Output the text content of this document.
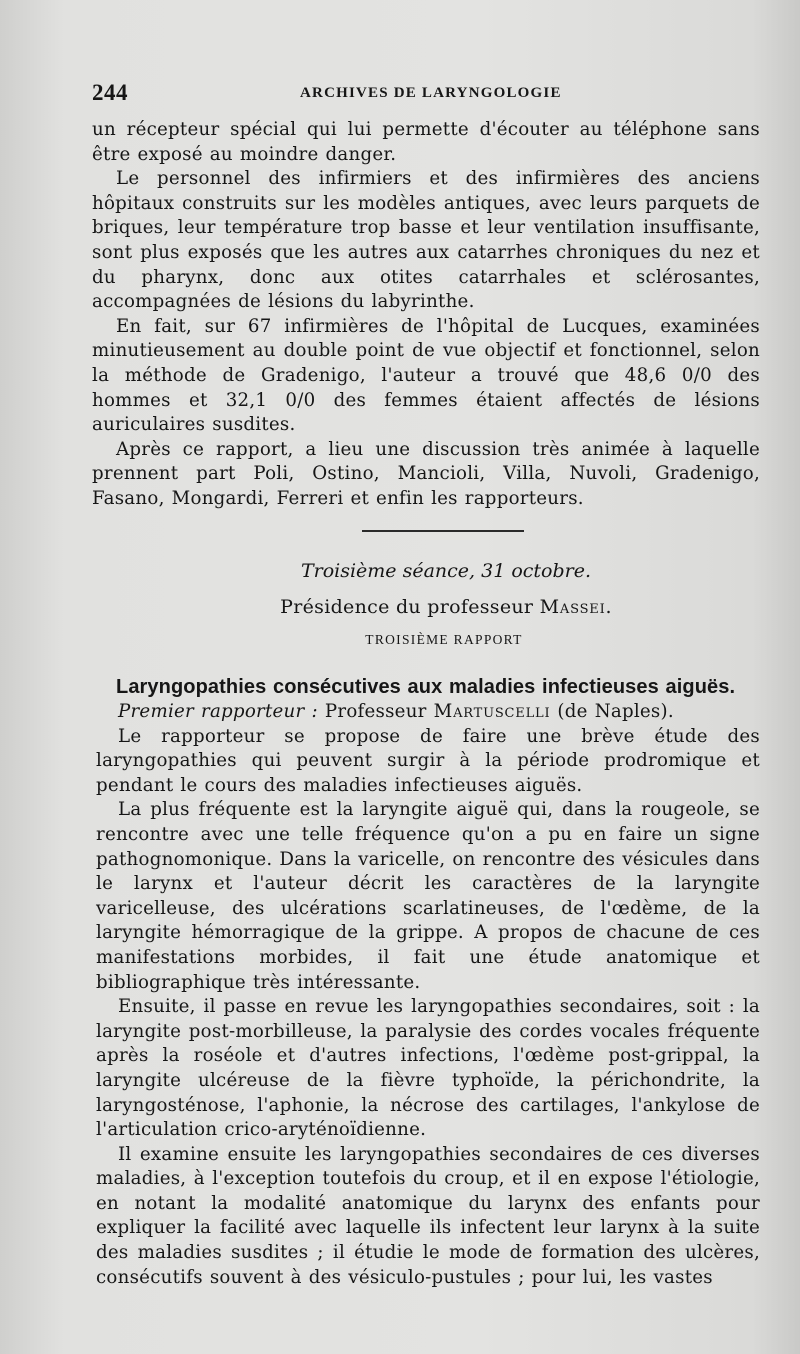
244	ARCHIVES DE LARYNGOLOGIE

un récepteur spécial qui lui permette d'écouter au téléphone sans être exposé au moindre danger.

Le personnel des infirmiers et des infirmières des anciens hôpitaux construits sur les modèles antiques, avec leurs parquets de briques, leur température trop basse et leur ventilation insuffisante, sont plus exposés que les autres aux catarrhes chroniques du nez et du pharynx, donc aux otites catarrhales et sclérosantes, accompagnées de lésions du labyrinthe.

En fait, sur 67 infirmières de l'hôpital de Lucques, examinées minutieusement au double point de vue objectif et fonctionnel, selon la méthode de Gradenigo, l'auteur a trouvé que 48,6 0/0 des hommes et 32,1 0/0 des femmes étaient affectés de lésions auriculaires susdites.

Après ce rapport, a lieu une discussion très animée à laquelle prennent part Poli, Ostino, Mancioli, Villa, Nuvoli, Gradenigo, Fasano, Mongardi, Ferreri et enfin les rapporteurs.

Troisième séance, 31 octobre.
Présidence du professeur Massei.
TROISIÈME RAPPORT
Laryngopathies consécutives aux maladies infectieuses aiguës.

Premier rapporteur : Professeur Martuscelli (de Naples).

Le rapporteur se propose de faire une brève étude des laryngopathies qui peuvent surgir à la période prodromique et pendant le cours des maladies infectieuses aiguës.

La plus fréquente est la laryngite aiguë qui, dans la rougeole, se rencontre avec une telle fréquence qu'on a pu en faire un signe pathognomonique. Dans la varicelle, on rencontre des vésicules dans le larynx et l'auteur décrit les caractères de la laryngite varicelleuse, des ulcérations scarlatineuses, de l'œdème, de la laryngite hémorragique de la grippe. A propos de chacune de ces manifestations morbides, il fait une étude anatomique et bibliographique très intéressante.

Ensuite, il passe en revue les laryngopathies secondaires, soit : la laryngite post-morbilleuse, la paralysie des cordes vocales fréquente après la roséole et d'autres infections, l'œdème post-grippal, la laryngite ulcéreuse de la fièvre typhoïde, la périchondrite, la laryngosténose, l'aphonie, la nécrose des cartilages, l'ankylose de l'articulation crico-aryténoïdienne.

Il examine ensuite les laryngopathies secondaires de ces diverses maladies, à l'exception toutefois du croup, et il en expose l'étiologie, en notant la modalité anatomique du larynx des enfants pour expliquer la facilité avec laquelle ils infectent leur larynx à la suite des maladies susdites ; il étudie le mode de formation des ulcères, consécutifs souvent à des vésiculo-pustules ; pour lui, les vastes
